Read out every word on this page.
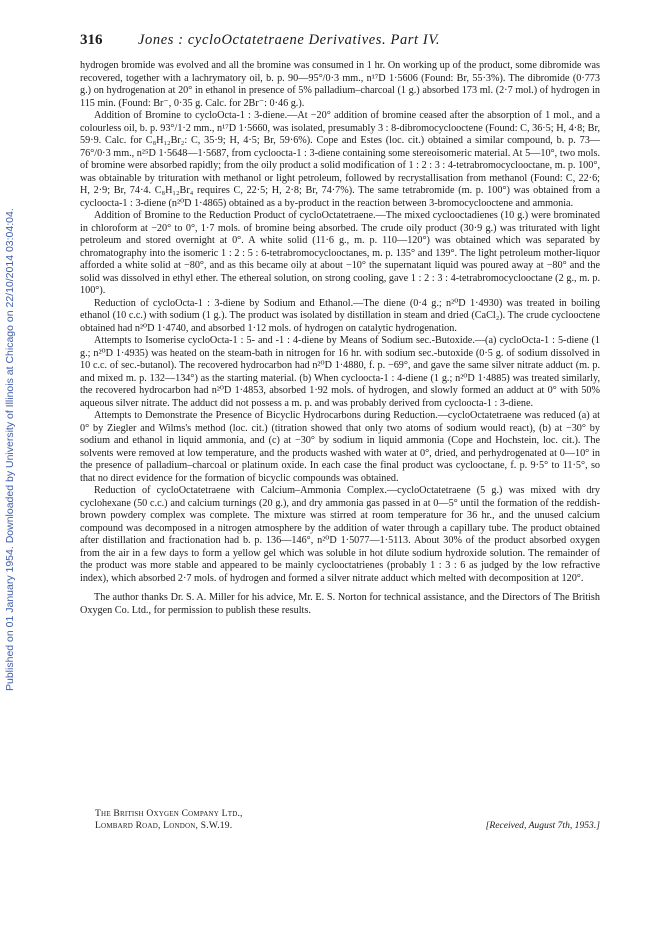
Published on 01 January 1954. Downloaded by University of Illinois at Chicago on 22/10/2014 03:04:04.
316 Jones : cycloOctatetraene Derivatives. Part IV.

hydrogen bromide was evolved and all the bromine was consumed in 1 hr. On working up of the product, some dibromide was recovered, together with a lachrymatory oil, b. p. 90—95°/0·3 mm., n¹⁷D 1·5606 (Found: Br, 55·3%). The dibromide (0·773 g.) on hydrogenation at 20° in ethanol in presence of 5% palladium–charcoal (1 g.) absorbed 173 ml. (2·7 mol.) of hydrogen in 115 min. (Found: Br⁻, 0·35 g. Calc. for 2Br⁻: 0·46 g.).

Addition of Bromine to cycloOcta-1 : 3-diene.—At −20° addition of bromine ceased after the absorption of 1 mol., and a colourless oil, b. p. 93°/1·2 mm., n¹⁷D 1·5660, was isolated, presumably 3 : 8-dibromocyclooctene (Found: C, 36·5; H, 4·8; Br, 59·9. Calc. for C₈H₁₂Br₂: C, 35·9; H, 4·5; Br, 59·6%). Cope and Estes (loc. cit.) obtained a similar compound, b. p. 73—76°/0·3 mm., n²⁵D 1·5648—1·5687, from cycloocta-1 : 3-diene containing some stereoisomeric material. At 5—10°, two mols. of bromine were absorbed rapidly; from the oily product a solid modification of 1 : 2 : 3 : 4-tetrabromocyclooctane, m. p. 100°, was obtainable by trituration with methanol or light petroleum, followed by recrystallisation from methanol (Found: C, 22·6; H, 2·9; Br, 74·4. C₈H₁₂Br₄ requires C, 22·5; H, 2·8; Br, 74·7%). The same tetrabromide (m. p. 100°) was obtained from a cycloocta-1 : 3-diene (n²⁰D 1·4865) obtained as a by-product in the reaction between 3-bromocyclooctene and ammonia.

Addition of Bromine to the Reduction Product of cycloOctatetraene.—The mixed cyclooctadienes (10 g.) were brominated in chloroform at −20° to 0°, 1·7 mols. of bromine being absorbed. The crude oily product (30·9 g.) was triturated with light petroleum and stored overnight at 0°. A white solid (11·6 g., m. p. 110—120°) was obtained which was separated by chromatography into the isomeric 1 : 2 : 5 : 6-tetrabromocyclooctanes, m. p. 135° and 139°. The light petroleum mother-liquor afforded a white solid at −80°, and as this became oily at about −10° the supernatant liquid was poured away at −80° and the solid was dissolved in ethyl ether. The ethereal solution, on strong cooling, gave 1 : 2 : 3 : 4-tetrabromocyclooctane (2 g., m. p. 100°).

Reduction of cycloOcta-1 : 3-diene by Sodium and Ethanol.—The diene (0·4 g.; n²⁰D 1·4930) was treated in boiling ethanol (10 c.c.) with sodium (1 g.). The product was isolated by distillation in steam and dried (CaCl₂). The crude cyclooctene obtained had n²⁰D 1·4740, and absorbed 1·12 mols. of hydrogen on catalytic hydrogenation.

Attempts to Isomerise cycloOcta-1 : 5- and -1 : 4-diene by Means of Sodium sec.-Butoxide.—(a) cycloOcta-1 : 5-diene (1 g.; n²⁰D 1·4935) was heated on the steam-bath in nitrogen for 16 hr. with sodium sec.-butoxide (0·5 g. of sodium dissolved in 10 c.c. of sec.-butanol). The recovered hydrocarbon had n²⁰D 1·4880, f. p. −69°, and gave the same silver nitrate adduct (m. p. and mixed m. p. 132—134°) as the starting material. (b) When cycloocta-1 : 4-diene (1 g.; n²⁰D 1·4885) was treated similarly, the recovered hydrocarbon had n²⁰D 1·4853, absorbed 1·92 mols. of hydrogen, and slowly formed an adduct at 0° with 50% aqueous silver nitrate. The adduct did not possess a m. p. and was probably derived from cycloocta-1 : 3-diene.

Attempts to Demonstrate the Presence of Bicyclic Hydrocarbons during Reduction.—cycloOctatetraene was reduced (a) at 0° by Ziegler and Wilms's method (loc. cit.) (titration showed that only two atoms of sodium would react), (b) at −30° by sodium and ethanol in liquid ammonia, and (c) at −30° by sodium in liquid ammonia (Cope and Hochstein, loc. cit.). The solvents were removed at low temperature, and the products washed with water at 0°, dried, and perhydrogenated at 0—10° in the presence of palladium–charcoal or platinum oxide. In each case the final product was cyclooctane, f. p. 9·5° to 11·5°, so that no direct evidence for the formation of bicyclic compounds was obtained.

Reduction of cycloOctatetraene with Calcium–Ammonia Complex.—cycloOctatetraene (5 g.) was mixed with dry cyclohexane (50 c.c.) and calcium turnings (20 g.), and dry ammonia gas passed in at 0—5° until the formation of the reddish-brown powdery complex was complete. The mixture was stirred at room temperature for 36 hr., and the unused calcium compound was decomposed in a nitrogen atmosphere by the addition of water through a capillary tube. The product obtained after distillation and fractionation had b. p. 136—146°, n²⁰D 1·5077—1·5113. About 30% of the product absorbed oxygen from the air in a few days to form a yellow gel which was soluble in hot dilute sodium hydroxide solution. The remainder of the product was more stable and appeared to be mainly cyclooctatrienes (probably 1 : 3 : 6 as judged by the low refractive index), which absorbed 2·7 mols. of hydrogen and formed a silver nitrate adduct which melted with decomposition at 120°.

The author thanks Dr. S. A. Miller for his advice, Mr. E. S. Norton for technical assistance, and the Directors of The British Oxygen Co. Ltd., for permission to publish these results.

The British Oxygen Company Ltd.,
Lombard Road, London, S.W.19.	[Received, August 7th, 1953.]
